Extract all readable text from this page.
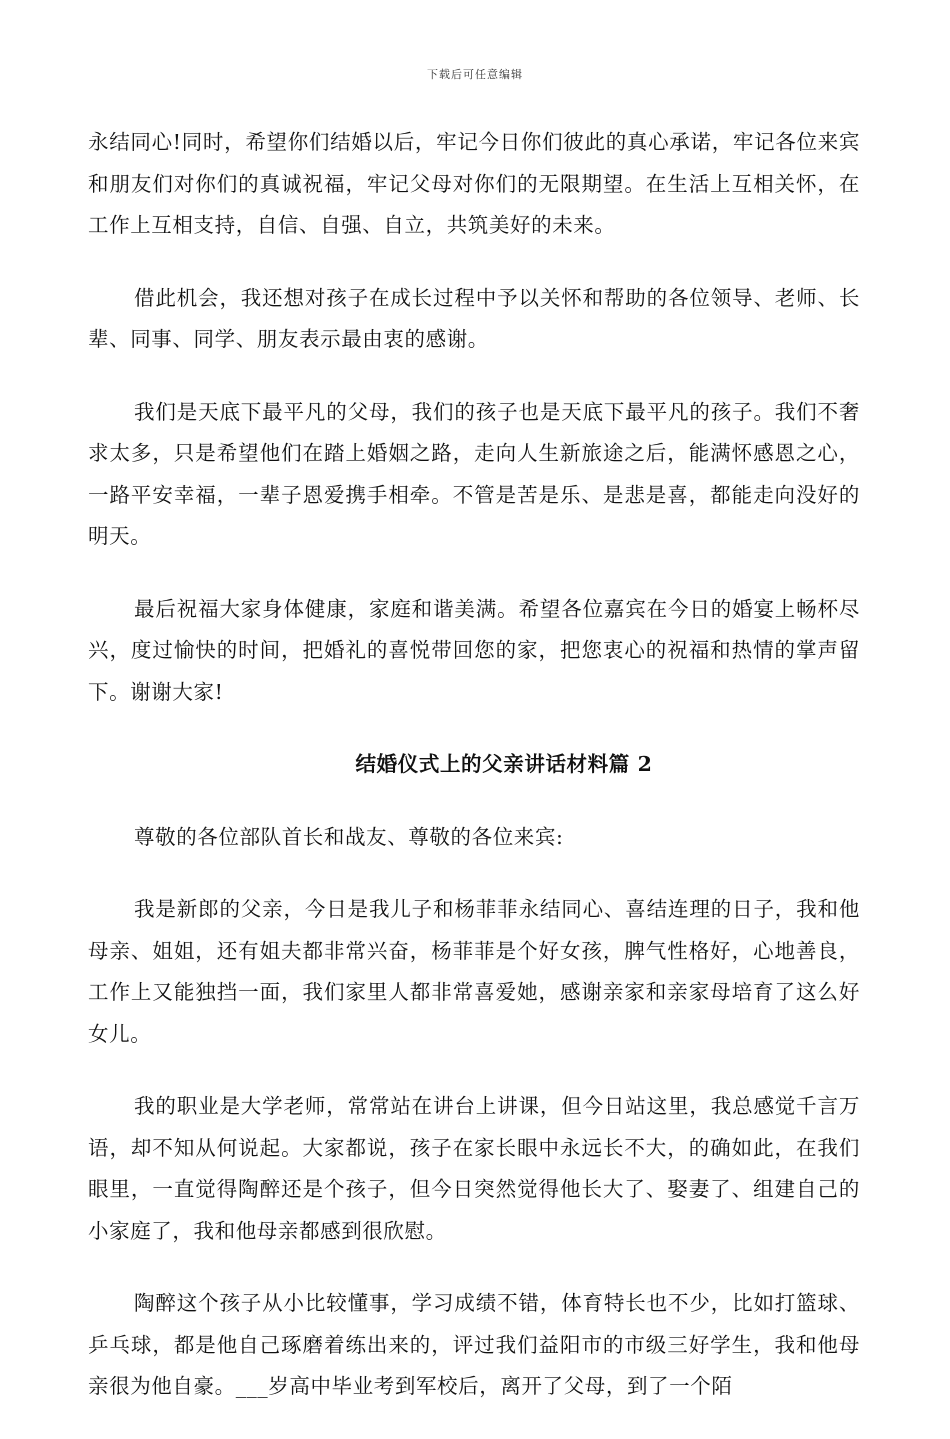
下载后可任意编辑

永结同心!同时，希望你们结婚以后，牢记今日你们彼此的真心承诺，牢记各位来宾和朋友们对你们的真诚祝福，牢记父母对你们的无限期望。在生活上互相关怀，在工作上互相支持，自信、自强、自立，共筑美好的未来。

借此机会，我还想对孩子在成长过程中予以关怀和帮助的各位领导、老师、长辈、同事、同学、朋友表示最由衷的感谢。

我们是天底下最平凡的父母，我们的孩子也是天底下最平凡的孩子。我们不奢求太多，只是希望他们在踏上婚姻之路，走向人生新旅途之后，能满怀感恩之心，一路平安幸福，一辈子恩爱携手相牵。不管是苦是乐、是悲是喜，都能走向没好的明天。

最后祝福大家身体健康，家庭和谐美满。希望各位嘉宾在今日的婚宴上畅杯尽兴，度过愉快的时间，把婚礼的喜悦带回您的家，把您衷心的祝福和热情的掌声留下。谢谢大家!

结婚仪式上的父亲讲话材料篇 2

尊敬的各位部队首长和战友、尊敬的各位来宾:

我是新郎的父亲，今日是我儿子和杨菲菲永结同心、喜结连理的日子，我和他母亲、姐姐，还有姐夫都非常兴奋，杨菲菲是个好女孩，脾气性格好，心地善良，工作上又能独挡一面，我们家里人都非常喜爱她，感谢亲家和亲家母培育了这么好女儿。

我的职业是大学老师，常常站在讲台上讲课，但今日站这里，我总感觉千言万语，却不知从何说起。大家都说，孩子在家长眼中永远长不大，的确如此，在我们眼里，一直觉得陶醉还是个孩子，但今日突然觉得他长大了、娶妻了、组建自己的小家庭了，我和他母亲都感到很欣慰。

陶醉这个孩子从小比较懂事，学习成绩不错，体育特长也不少，比如打篮球、乒乓球，都是他自己琢磨着练出来的，评过我们益阳市的市级三好学生，我和他母亲很为他自豪。___岁高中毕业考到军校后，离开了父母，到了一个陌
